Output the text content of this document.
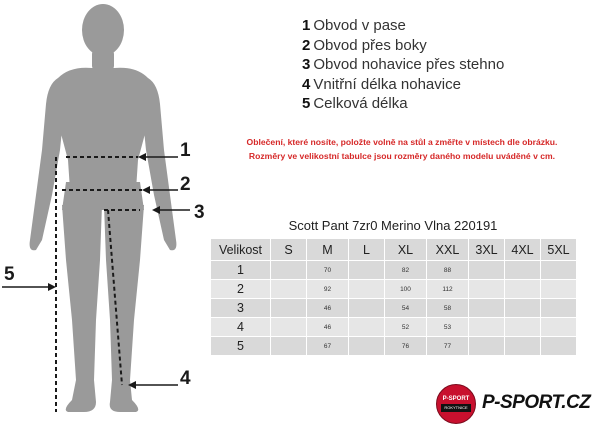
1
2
3
4
5
1 Obvod v pase
2 Obvod přes boky
3 Obvod nohavice přes stehno
4 Vnitřní délka nohavice
5 Celková délka
Oblečení, které nosíte, položte volně na stůl a změřte v místech dle obrázku.
Rozměry ve velikostní tabulce jsou rozměry daného modelu uváděné v cm.
Scott Pant 7zr0 Merino Vlna 220191
Velikost	S	M	L	XL	XXL	3XL	4XL	5XL
1		70		82	88			
2		92		100	112			
3		46		54	58			
4		46		52	53			
5		67		76	77			
P-SPORT
ROKYTNICE P-SPORT.CZ
